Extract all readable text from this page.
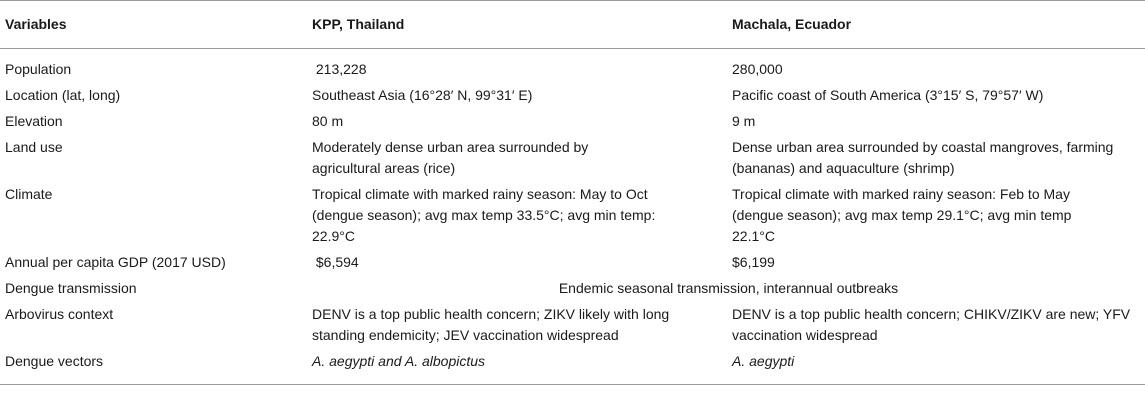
Variables	KPP, Thailand	Machala, Ecuador
Population	213,228	280,000
Location (lat, long)	Southeast Asia (16°28′ N, 99°31′ E)	Pacific coast of South America (3°15′ S, 79°57′ W)
Elevation	80 m	9 m
Land use	Moderately dense urban area surrounded by agricultural areas (rice)	Dense urban area surrounded by coastal mangroves, farming (bananas) and aquaculture (shrimp)
Climate	Tropical climate with marked rainy season: May to Oct (dengue season); avg max temp 33.5°C; avg min temp: 22.9°C	Tropical climate with marked rainy season: Feb to May (dengue season); avg max temp 29.1°C; avg min temp 22.1°C
Annual per capita GDP (2017 USD)	$6,594	$6,199
Dengue transmission	Endemic seasonal transmission, interannual outbreaks	
Arbovirus context	DENV is a top public health concern; ZIKV likely with long standing endemicity; JEV vaccination widespread	DENV is a top public health concern; CHIKV/ZIKV are new; YFV vaccination widespread
Dengue vectors	A. aegypti and A. albopictus	A. aegypti
